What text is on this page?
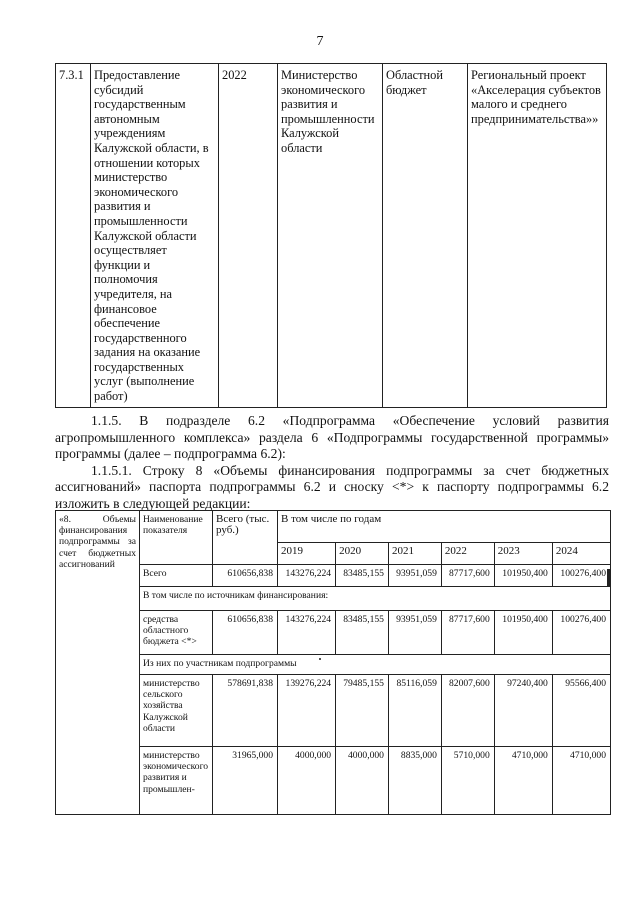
7
7.3.1	Предоставление субсидий государственным автономным учреждениям Калужской области, в отношении которых министерство экономического развития и промышленности Калужской области осуществляет функции и полномочия учредителя, на финансовое обеспечение государственного задания на оказание государственных услуг (выполнение работ)	2022	Министерство экономического развития и промышленности Калужской области	Областной бюджет	Региональный проект «Акселерация субъектов малого и среднего предпринимательства»»
1.1.5. В подразделе 6.2 «Подпрограмма «Обеспечение условий развития
агропромышленного комплекса» раздела 6 «Подпрограммы государственной программы» программы (далее – подпрограмма 6.2):
1.1.5.1. Строку 8 «Объемы финансирования подпрограммы за счет бюджетных ассигнований» паспорта подпрограммы 6.2 и сноску <*> к паспорту подпрограммы 6.2 изложить в следующей редакции:
«8. Объемы финансирования подпрограммы за счет бюджетных ассигнований	Наименование показателя	Всего (тыс. руб.)	В том числе по годам					
			2019	2020	2021	2022	2023	2024
	Всего	610656,838	143276,224	83485,155	93951,059	87717,600	101950,400	100276,400
	В том числе по источникам финансирования:							
	средства областного бюджета <*>	610656,838	143276,224	83485,155	93951,059	87717,600	101950,400	100276,400
	Из них по участникам подпрограммы							
	министерство сельского хозяйства Калужской области	578691,838	139276,224	79485,155	85116,059	82007,600	97240,400	95566,400
	министерство экономического развития и промышлен-	31965,000	4000,000	4000,000	8835,000	5710,000	4710,000	4710,000
